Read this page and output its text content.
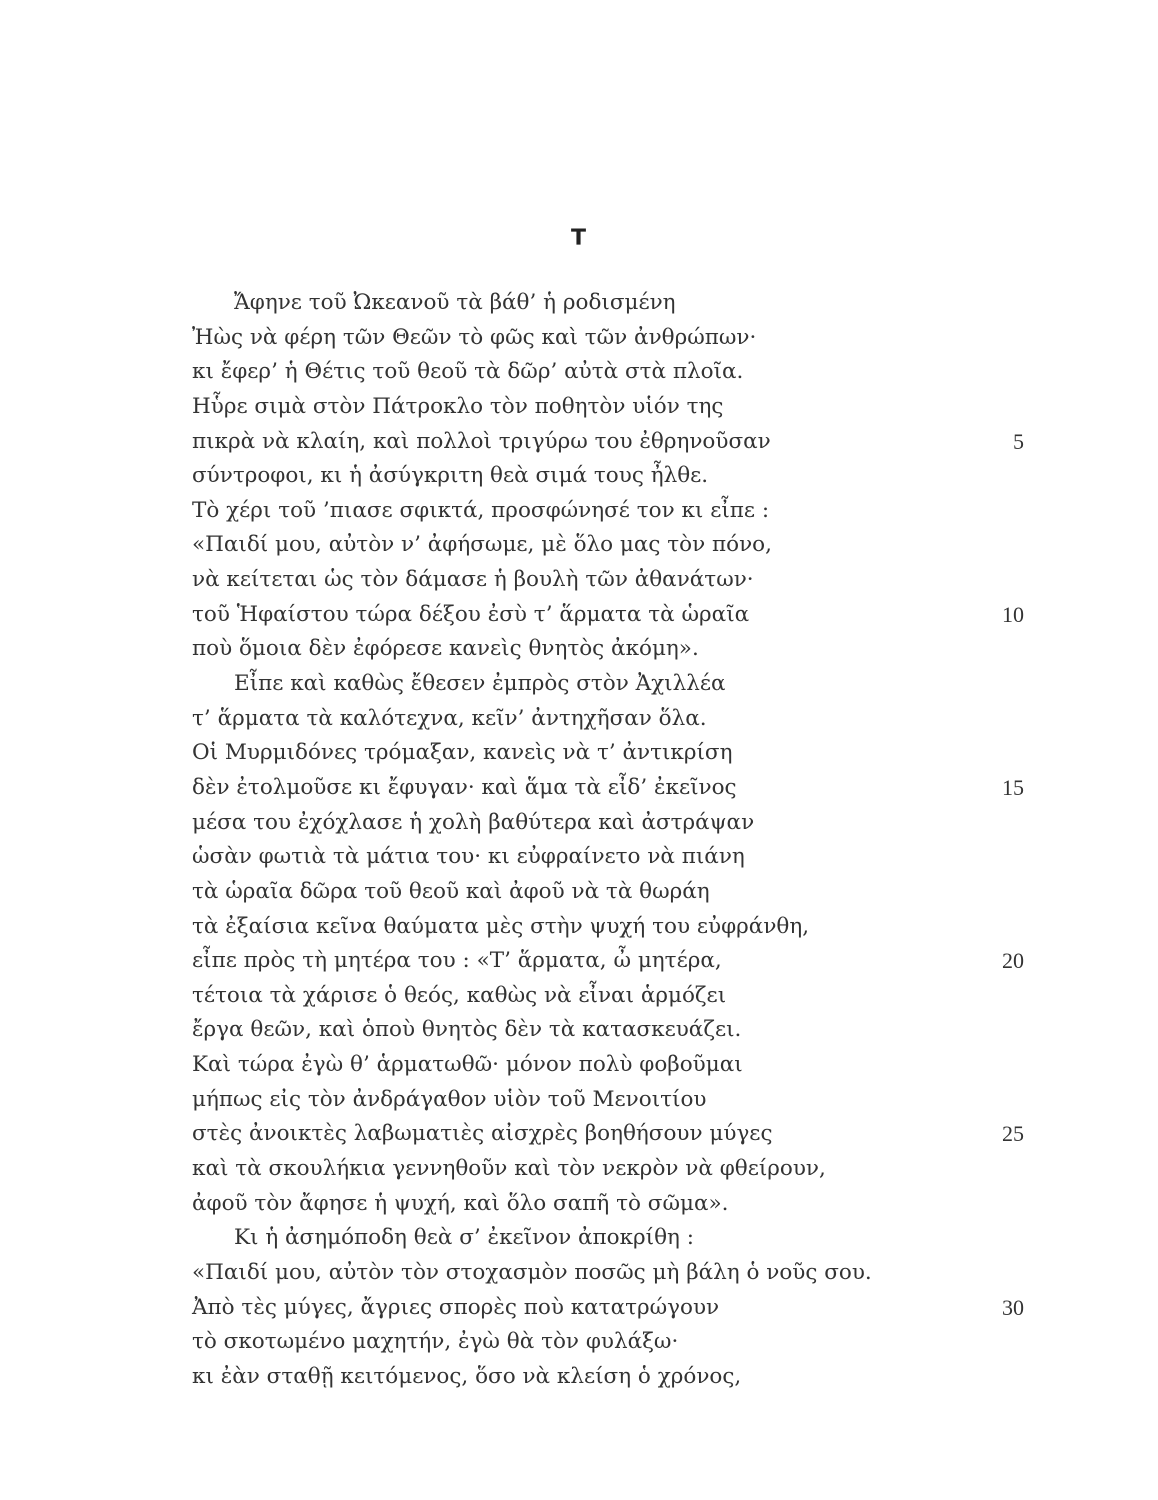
Τ
Ἄφηνε τοῦ Ὠκεανοῦ τὰ βάθ’ ἡ ροδισμένη
Ἠὼς νὰ φέρη τῶν Θεῶν τὸ φῶς καὶ τῶν ἀνθρώπων·
κι ἔφερ’ ἡ Θέτις τοῦ θεοῦ τὰ δῶρ’ αὐτὰ στὰ πλοῖα.
Ηὗρε σιμὰ στὸν Πάτροκλο τὸν ποθητὸν υἱόν της
πικρὰ νὰ κλαίη, καὶ πολλοὶ τριγύρω του ἐθρηνοῦσαν	5
σύντροφοι, κι ἡ ἀσύγκριτη θεὰ σιμά τους ἦλθε.
Τὸ χέρι τοῦ ’πιασε σφικτά, προσφώνησέ τον κι εἶπε :
«Παιδί μου, αὐτὸν ν’ ἀφήσωμε, μὲ ὅλο μας τὸν πόνο,
νὰ κείτεται ὡς τὸν δάμασε ἡ βουλὴ τῶν ἀθανάτων·
τοῦ Ἡφαίστου τώρα δέξου ἐσὺ τ’ ἅρματα τὰ ὡραῖα	10
ποὺ ὅμοια δὲν ἐφόρεσε κανεὶς θνητὸς ἀκόμη».
Εἶπε καὶ καθὼς ἔθεσεν ἐμπρὸς στὸν Ἀχιλλέα
τ’ ἅρματα τὰ καλότεχνα, κεῖν’ ἀντηχῆσαν ὅλα.
Οἱ Μυρμιδόνες τρόμαξαν, κανεὶς νὰ τ’ ἀντικρίση
δὲν ἐτολμοῦσε κι ἔφυγαν· καὶ ἅμα τὰ εἶδ’ ἐκεῖνος	15
μέσα του ἐχόχλασε ἡ χολὴ βαθύτερα καὶ ἀστράψαν
ὡσὰν φωτιὰ τὰ μάτια του· κι εὐφραίνετο νὰ πιάνη
τὰ ὡραῖα δῶρα τοῦ θεοῦ καὶ ἀφοῦ νὰ τὰ θωράη
τὰ ἐξαίσια κεῖνα θαύματα μὲς στὴν ψυχή του εὐφράνθη,
εἶπε πρὸς τὴ μητέρα του : «Τ’ ἅρματα, ὦ μητέρα,	20
τέτοια τὰ χάρισε ὁ θεός, καθὼς νὰ εἶναι ἁρμόζει
ἔργα θεῶν, καὶ ὁποὺ θνητὸς δὲν τὰ κατασκευάζει.
Καὶ τώρα ἐγὼ θ’ ἁρματωθῶ· μόνον πολὺ φοβοῦμαι
μήπως εἰς τὸν ἀνδράγαθον υἱὸν τοῦ Μενοιτίου
στὲς ἀνοικτὲς λαβωματιὲς αἰσχρὲς βοηθήσουν μύγες	25
καὶ τὰ σκουλήκια γεννηθοῦν καὶ τὸν νεκρὸν νὰ φθείρουν,
ἀφοῦ τὸν ἄφησε ἡ ψυχή, καὶ ὅλο σαπῆ τὸ σῶμα».
Κι ἡ ἀσημόποδη θεὰ σ’ ἐκεῖνον ἀποκρίθη :
«Παιδί μου, αὐτὸν τὸν στοχασμὸν ποσῶς μὴ βάλη ὁ νοῦς σου.
Ἀπὸ τὲς μύγες, ἄγριες σπορὲς ποὺ κατατρώγουν	30
τὸ σκοτωμένο μαχητήν, ἐγὼ θὰ τὸν φυλάξω·
κι ἐὰν σταθῇ κειτόμενος, ὅσο νὰ κλείση ὁ χρόνος,
